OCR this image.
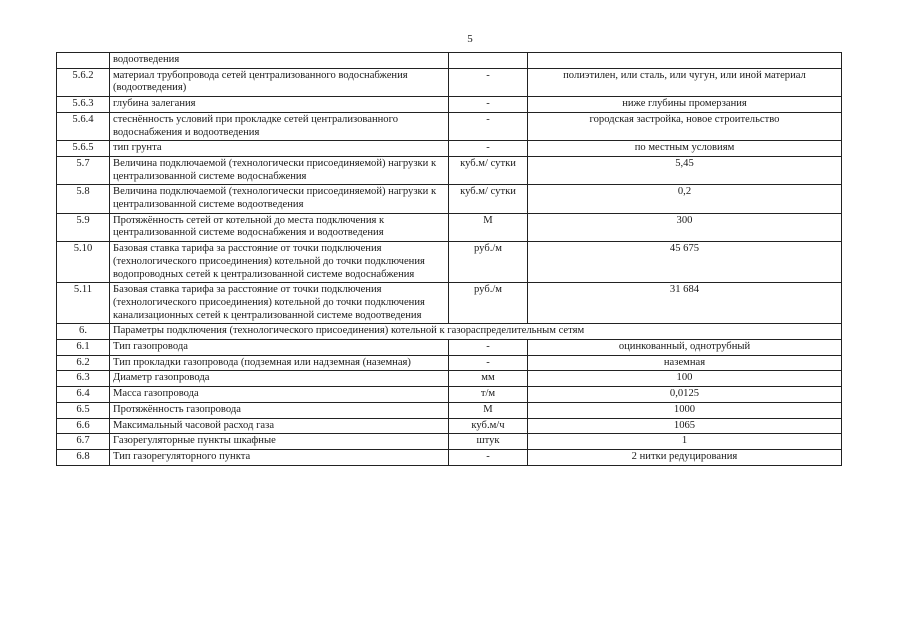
5
	водоотведения		
5.6.2	материал трубопровода сетей централизованного водоснабжения (водоотведения)	-	полиэтилен, или сталь, или чугун, или иной материал
5.6.3	глубина залегания	-	ниже глубины промерзания
5.6.4	стеснённость условий при прокладке сетей централизованного водоснабжения и водоотведения	-	городская застройка, новое строительство
5.6.5	тип грунта	-	по местным условиям
5.7	Величина подключаемой (технологически присоединяемой) нагрузки к централизованной системе водоснабжения	куб.м/ сутки	5,45
5.8	Величина подключаемой (технологически присоединяемой) нагрузки к централизованной системе водоотведения	куб.м/ сутки	0,2
5.9	Протяжённость сетей от котельной до места подключения к централизованной системе водоснабжения и водоотведения	М	300
5.10	Базовая ставка тарифа за расстояние от точки подключения (технологического присоединения) котельной до точки подключения водопроводных сетей к централизованной системе водоснабжения	руб./м	45 675
5.11	Базовая ставка тарифа за расстояние от точки подключения (технологического присоединения) котельной до точки подключения канализационных сетей к централизованной системе водоотведения	руб./м	31 684
6.	Параметры подключения (технологического присоединения) котельной к газораспределительным сетям		
6.1	Тип газопровода	-	оцинкованный, однотрубный
6.2	Тип прокладки газопровода (подземная или надземная (наземная)	-	наземная
6.3	Диаметр газопровода	мм	100
6.4	Масса газопровода	т/м	0,0125
6.5	Протяжённость газопровода	М	1000
6.6	Максимальный часовой расход газа	куб.м/ч	1065
6.7	Газорегуляторные пункты шкафные	штук	1
6.8	Тип газорегуляторного пункта	-	2 нитки редуцирования
